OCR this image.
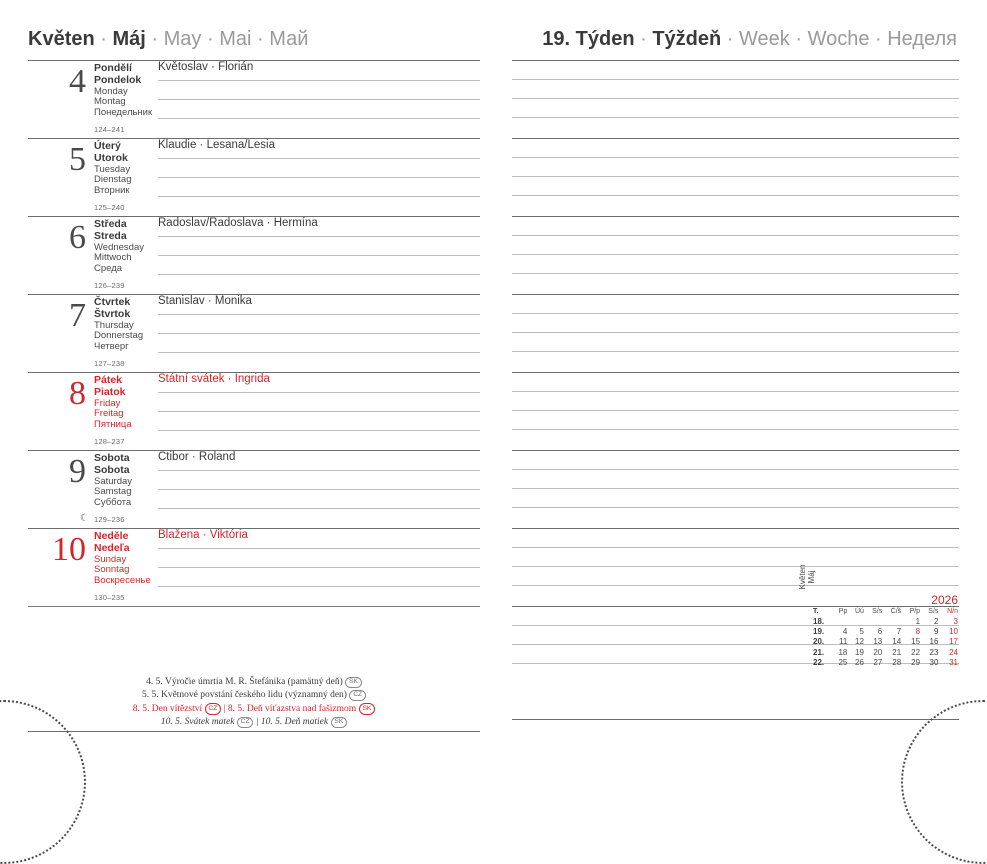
Květen · Máj · May · Mai · Май	19. Týden · Týždeň · Week · Woche · Неделя
4 Pondělí
Pondelok
Monday
Montag
Понедельник
124–241
Květoslav · Florián
5 Úterý
Utorok
Tuesday
Dienstag
Вторник
125–240
Klaudie · Lesana/Lesia
6 Středa
Streda
Wednesday
Mittwoch
Среда
126–239
Radoslav/Radoslava · Hermína
7 Čtvrtek
Štvrtok
Thursday
Donnerstag
Четверг
127–238
Stanislav · Monika
8 Pátek
Piatok
Friday
Freitag
Пятница
128–237
Státní svátek · Ingrida
9 Sobota
Sobota
Saturday
Samstag
Суббота
☾ 129–236
Ctibor · Roland
10 Neděle
Nedeľa
Sunday
Sonntag
Воскресенье
130–235
Blažena · Viktória
2026
Květen
Máj
T.	Pp	Úú	S/s	Č/š	P/p	S/s	N/n
18.					1	2	3
19.	4	5	6	7	8	9	10
20.	11	12	13	14	15	16	17
21.	18	19	20	21	22	23	24
22.	25	26	27	28	29	30	31
4. 5. Výročie úmrtia M. R. Štefánika (pamätný deň) SK
5. 5. Květnové povstání českého lidu (významný den) CZ
8. 5. Den vítězství CZ | 8. 5. Deň víťazstva nad fašizmom SK
10. 5. Svátek matek CZ | 10. 5. Deň matiek SK
